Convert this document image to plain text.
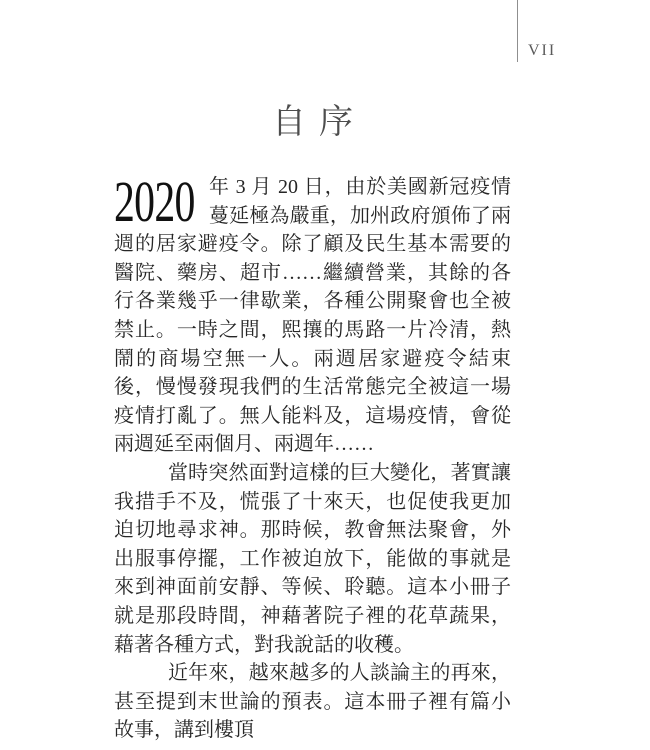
VII
自序

2020 年 3 月 20 日，由於美國新冠疫情蔓延極為嚴重，加州政府頒佈了兩週的居家避疫令。除了顧及民生基本需要的醫院、藥房、超市……繼續營業，其餘的各行各業幾乎一律歇業，各種公開聚會也全被禁止。一時之間，熙攘的馬路一片冷清，熱鬧的商場空無一人。兩週居家避疫令結束後，慢慢發現我們的生活常態完全被這一場疫情打亂了。無人能料及，這場疫情，會從兩週延至兩個月、兩週年……

當時突然面對這樣的巨大變化，著實讓我措手不及，慌張了十來天，也促使我更加迫切地尋求神。那時候，教會無法聚會，外出服事停擺，工作被迫放下，能做的事就是來到神面前安靜、等候、聆聽。這本小冊子就是那段時間，神藉著院子裡的花草蔬果，藉著各種方式，對我說話的收穫。

近年來，越來越多的人談論主的再來，甚至提到末世論的預表。這本冊子裡有篇小故事，講到樓頂
